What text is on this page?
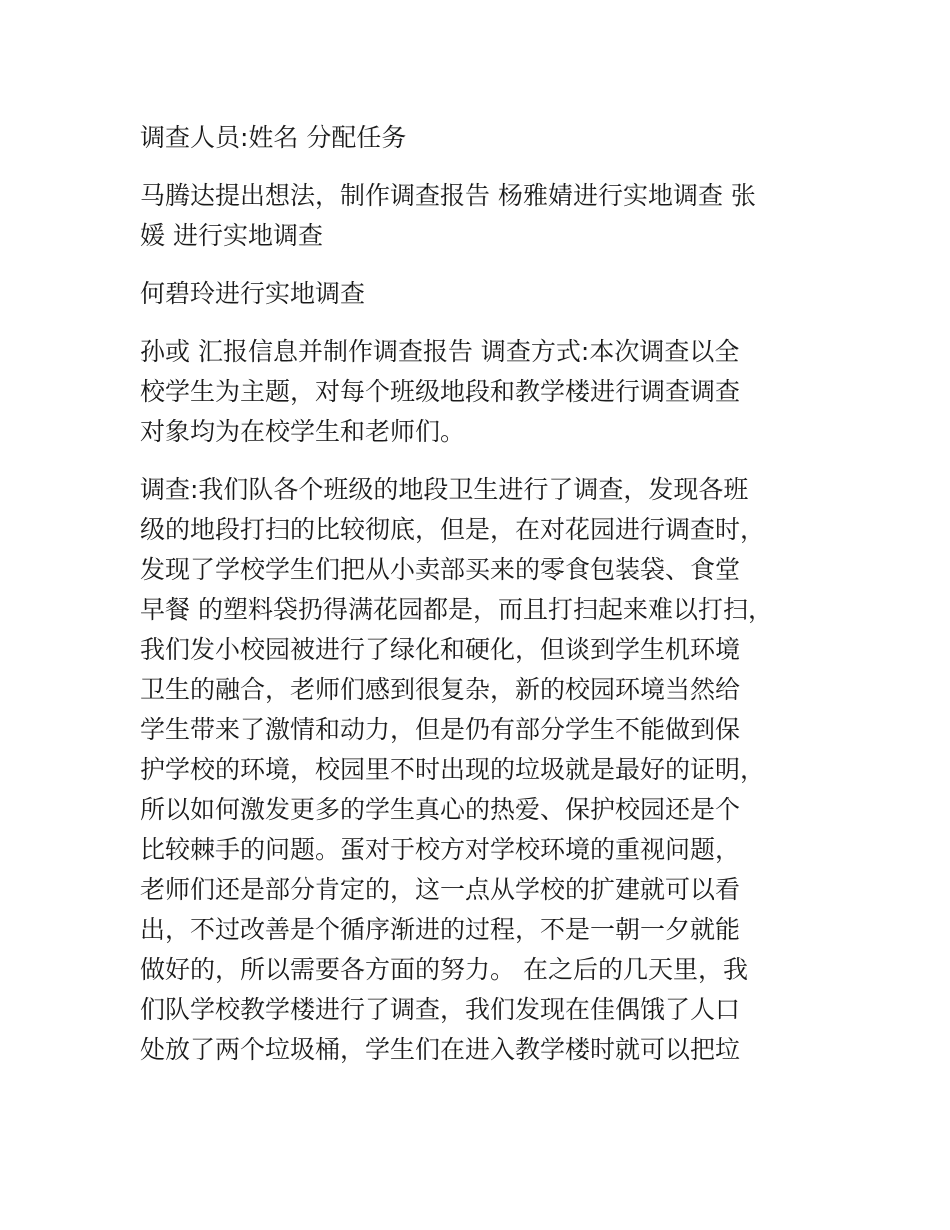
调查人员:姓名 分配任务

马腾达提出想法，制作调查报告 杨雅婧进行实地调查 张
媛 进行实地调查

何碧玲进行实地调查

孙或 汇报信息并制作调查报告 调查方式:本次调查以全
校学生为主题，对每个班级地段和教学楼进行调查调查
对象均为在校学生和老师们。

调查:我们队各个班级的地段卫生进行了调查，发现各班
级的地段打扫的比较彻底，但是，在对花园进行调查时，
发现了学校学生们把从小卖部买来的零食包装袋、食堂
早餐 的塑料袋扔得满花园都是，而且打扫起来难以打扫，
我们发小校园被进行了绿化和硬化，但谈到学生机环境
卫生的融合，老师们感到很复杂，新的校园环境当然给
学生带来了激情和动力，但是仍有部分学生不能做到保
护学校的环境，校园里不时出现的垃圾就是最好的证明，
所以如何激发更多的学生真心的热爱、保护校园还是个
比较棘手的问题。蛋对于校方对学校环境的重视问题，
老师们还是部分肯定的，这一点从学校的扩建就可以看
出，不过改善是个循序渐进的过程，不是一朝一夕就能
做好的，所以需要各方面的努力。 在之后的几天里，我
们队学校教学楼进行了调查，我们发现在佳偶饿了人口
处放了两个垃圾桶，学生们在进入教学楼时就可以把垃
